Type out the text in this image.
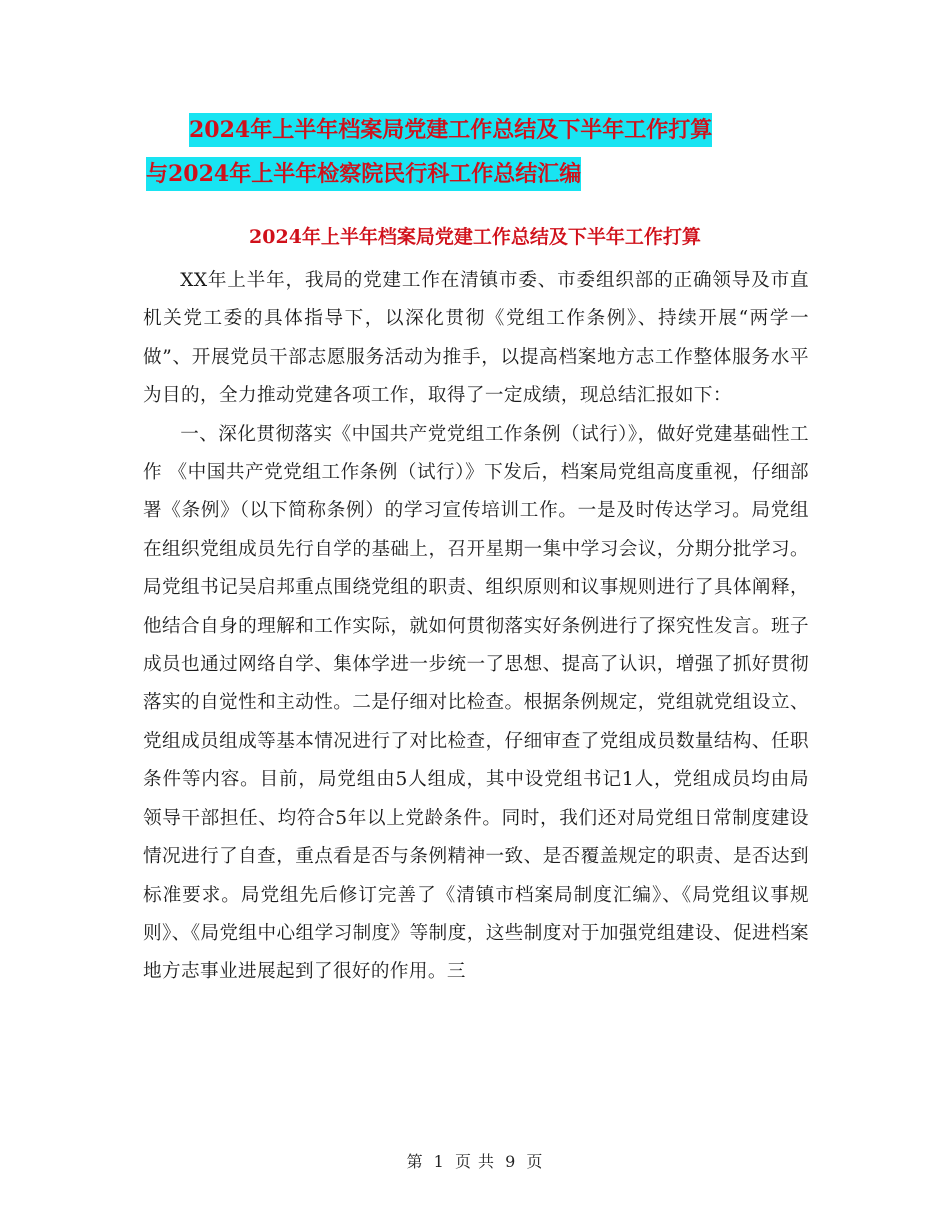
2024年上半年档案局党建工作总结及下半年工作打算
与2024年上半年检察院民行科工作总结汇编
2024年上半年档案局党建工作总结及下半年工作打算

XX年上半年，我局的党建工作在清镇市委、市委组织部的正确领导及市直机关党工委的具体指导下，以深化贯彻《党组工作条例》、持续开展“两学一做”、开展党员干部志愿服务活动为推手，以提高档案地方志工作整体服务水平为目的，全力推动党建各项工作，取得了一定成绩，现总结汇报如下：

一、深化贯彻落实《中国共产党党组工作条例（试行）》，做好党建基础性工作 《中国共产党党组工作条例（试行）》下发后，档案局党组高度重视，仔细部署《条例》（以下简称条例）的学习宣传培训工作。一是及时传达学习。局党组在组织党组成员先行自学的基础上，召开星期一集中学习会议，分期分批学习。局党组书记吴启邦重点围绕党组的职责、组织原则和议事规则进行了具体阐释，他结合自身的理解和工作实际，就如何贯彻落实好条例进行了探究性发言。班子成员也通过网络自学、集体学进一步统一了思想、提高了认识，增强了抓好贯彻落实的自觉性和主动性。二是仔细对比检查。根据条例规定，党组就党组设立、党组成员组成等基本情况进行了对比检查，仔细审查了党组成员数量结构、任职条件等内容。目前，局党组由5人组成，其中设党组书记1人，党组成员均由局领导干部担任、均符合5年以上党龄条件。同时，我们还对局党组日常制度建设情况进行了自查，重点看是否与条例精神一致、是否覆盖规定的职责、是否达到标准要求。局党组先后修订完善了《清镇市档案局制度汇编》、《局党组议事规则》、《局党组中心组学习制度》等制度，这些制度对于加强党组建设、促进档案地方志事业进展起到了很好的作用。三

第 1 页 共 9 页
